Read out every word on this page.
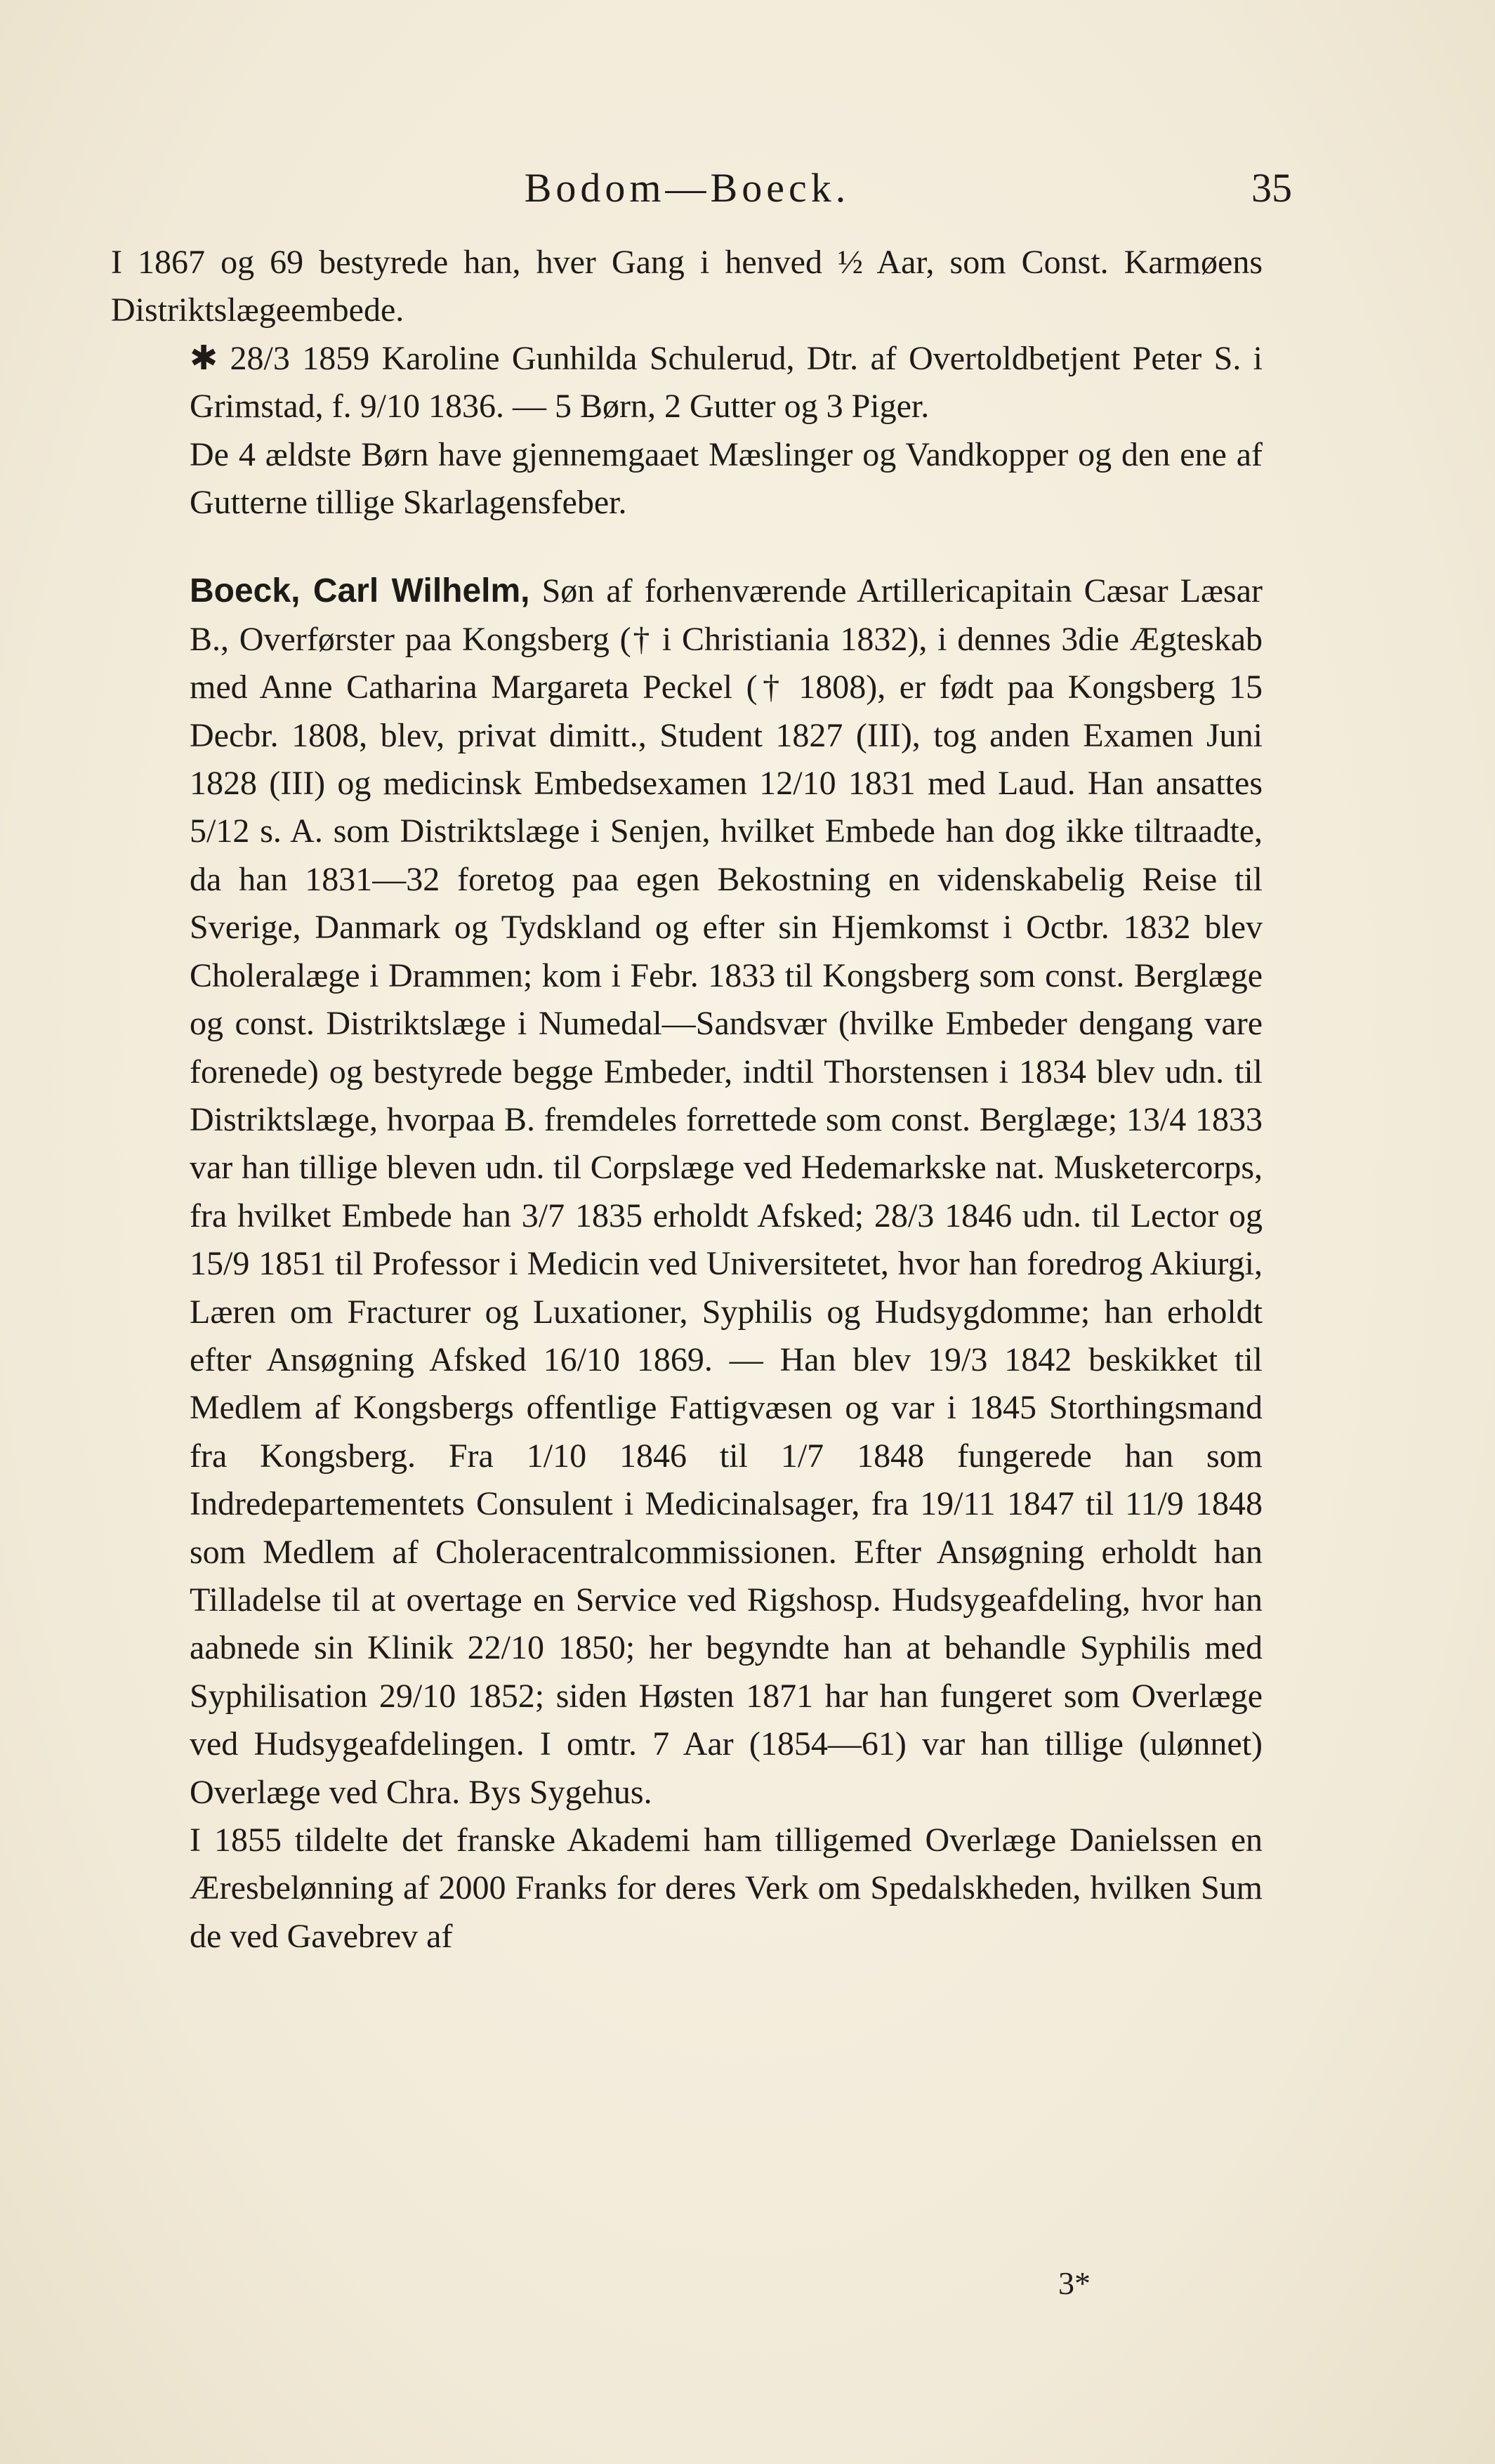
Bodom—Boeck.	35

I 1867 og 69 bestyrede han, hver Gang i henved ½ Aar, som Const. Karmøens Distriktslægeembede.

✱ 28/3 1859 Karoline Gunhilda Schulerud, Dtr. af Overtoldbetjent Peter S. i Grimstad, f. 9/10 1836. — 5 Børn, 2 Gutter og 3 Piger.

De 4 ældste Børn have gjennemgaaet Mæslinger og Vandkopper og den ene af Gutterne tillige Skarlagensfeber.

Boeck, Carl Wilhelm, Søn af forhenværende Artillericapitain Cæsar Læsar B., Overførster paa Kongsberg († i Christiania 1832), i dennes 3die Ægteskab med Anne Catharina Margareta Peckel († 1808), er født paa Kongsberg 15 Decbr. 1808, blev, privat dimitt., Student 1827 (III), tog anden Examen Juni 1828 (III) og medicinsk Embedsexamen 12/10 1831 med Laud. Han ansattes 5/12 s. A. som Distriktslæge i Senjen, hvilket Embede han dog ikke tiltraadte, da han 1831—32 foretog paa egen Bekostning en videnskabelig Reise til Sverige, Danmark og Tydskland og efter sin Hjemkomst i Octbr. 1832 blev Choleralæge i Drammen; kom i Febr. 1833 til Kongsberg som const. Berglæge og const. Distriktslæge i Numedal—Sandsvær (hvilke Embeder dengang vare forenede) og bestyrede begge Embeder, indtil Thorstensen i 1834 blev udn. til Distriktslæge, hvorpaa B. fremdeles forrettede som const. Berglæge; 13/4 1833 var han tillige bleven udn. til Corpslæge ved Hedemarkske nat. Musketercorps, fra hvilket Embede han 3/7 1835 erholdt Afsked; 28/3 1846 udn. til Lector og 15/9 1851 til Professor i Medicin ved Universitetet, hvor han foredrog Akiurgi, Læren om Fracturer og Luxationer, Syphilis og Hudsygdomme; han erholdt efter Ansøgning Afsked 16/10 1869. — Han blev 19/3 1842 beskikket til Medlem af Kongsbergs offentlige Fattigvæsen og var i 1845 Storthingsmand fra Kongsberg. Fra 1/10 1846 til 1/7 1848 fungerede han som Indredepartementets Consulent i Medicinalsager, fra 19/11 1847 til 11/9 1848 som Medlem af Choleracentralcommissionen. Efter Ansøgning erholdt han Tilladelse til at overtage en Service ved Rigshosp. Hudsygeafdeling, hvor han aabnede sin Klinik 22/10 1850; her begyndte han at behandle Syphilis med Syphilisation 29/10 1852; siden Høsten 1871 har han fungeret som Overlæge ved Hudsygeafdelingen. I omtr. 7 Aar (1854—61) var han tillige (ulønnet) Overlæge ved Chra. Bys Sygehus.

I 1855 tildelte det franske Akademi ham tilligemed Overlæge Danielssen en Æresbelønning af 2000 Franks for deres Verk om Spedalskheden, hvilken Sum de ved Gavebrev af

3*
